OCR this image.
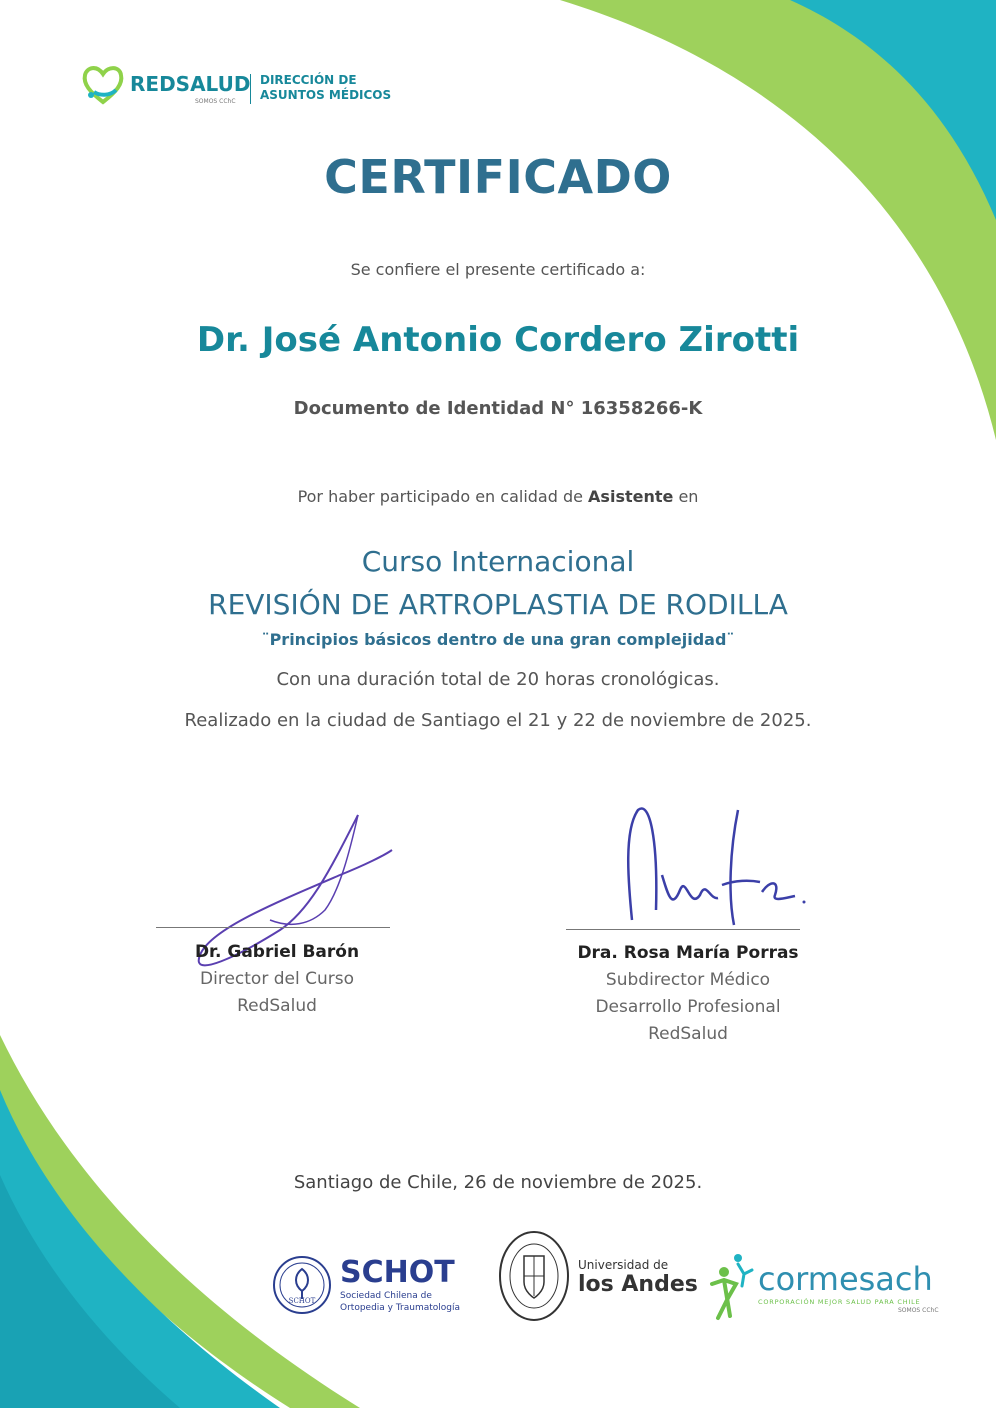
REDSALUD
SOMOS CChC
DIRECCIÓN DE
ASUNTOS MÉDICOS
CERTIFICADO
Se confiere el presente certificado a:
Dr. José Antonio Cordero Zirotti
Documento de Identidad N° 16358266-K
Por haber participado en calidad de Asistente en
Curso Internacional
REVISIÓN DE ARTROPLASTIA DE RODILLA
¨Principios básicos dentro de una gran complejidad¨
Con una duración total de 20 horas cronológicas.
Realizado en la ciudad de Santiago el 21 y 22 de noviembre de 2025.
Dr. Gabriel Barón
Director del Curso
RedSalud
Dra. Rosa María Porras
Subdirector Médico
Desarrollo Profesional
RedSalud
Santiago de Chile, 26 de noviembre de 2025.
SCHOT
SCHOT
Sociedad Chilena de
Ortopedia y Traumatología
Universidad de
los Andes cormesach
CORPORACIÓN MEJOR SALUD PARA CHILE
SOMOS CChC
